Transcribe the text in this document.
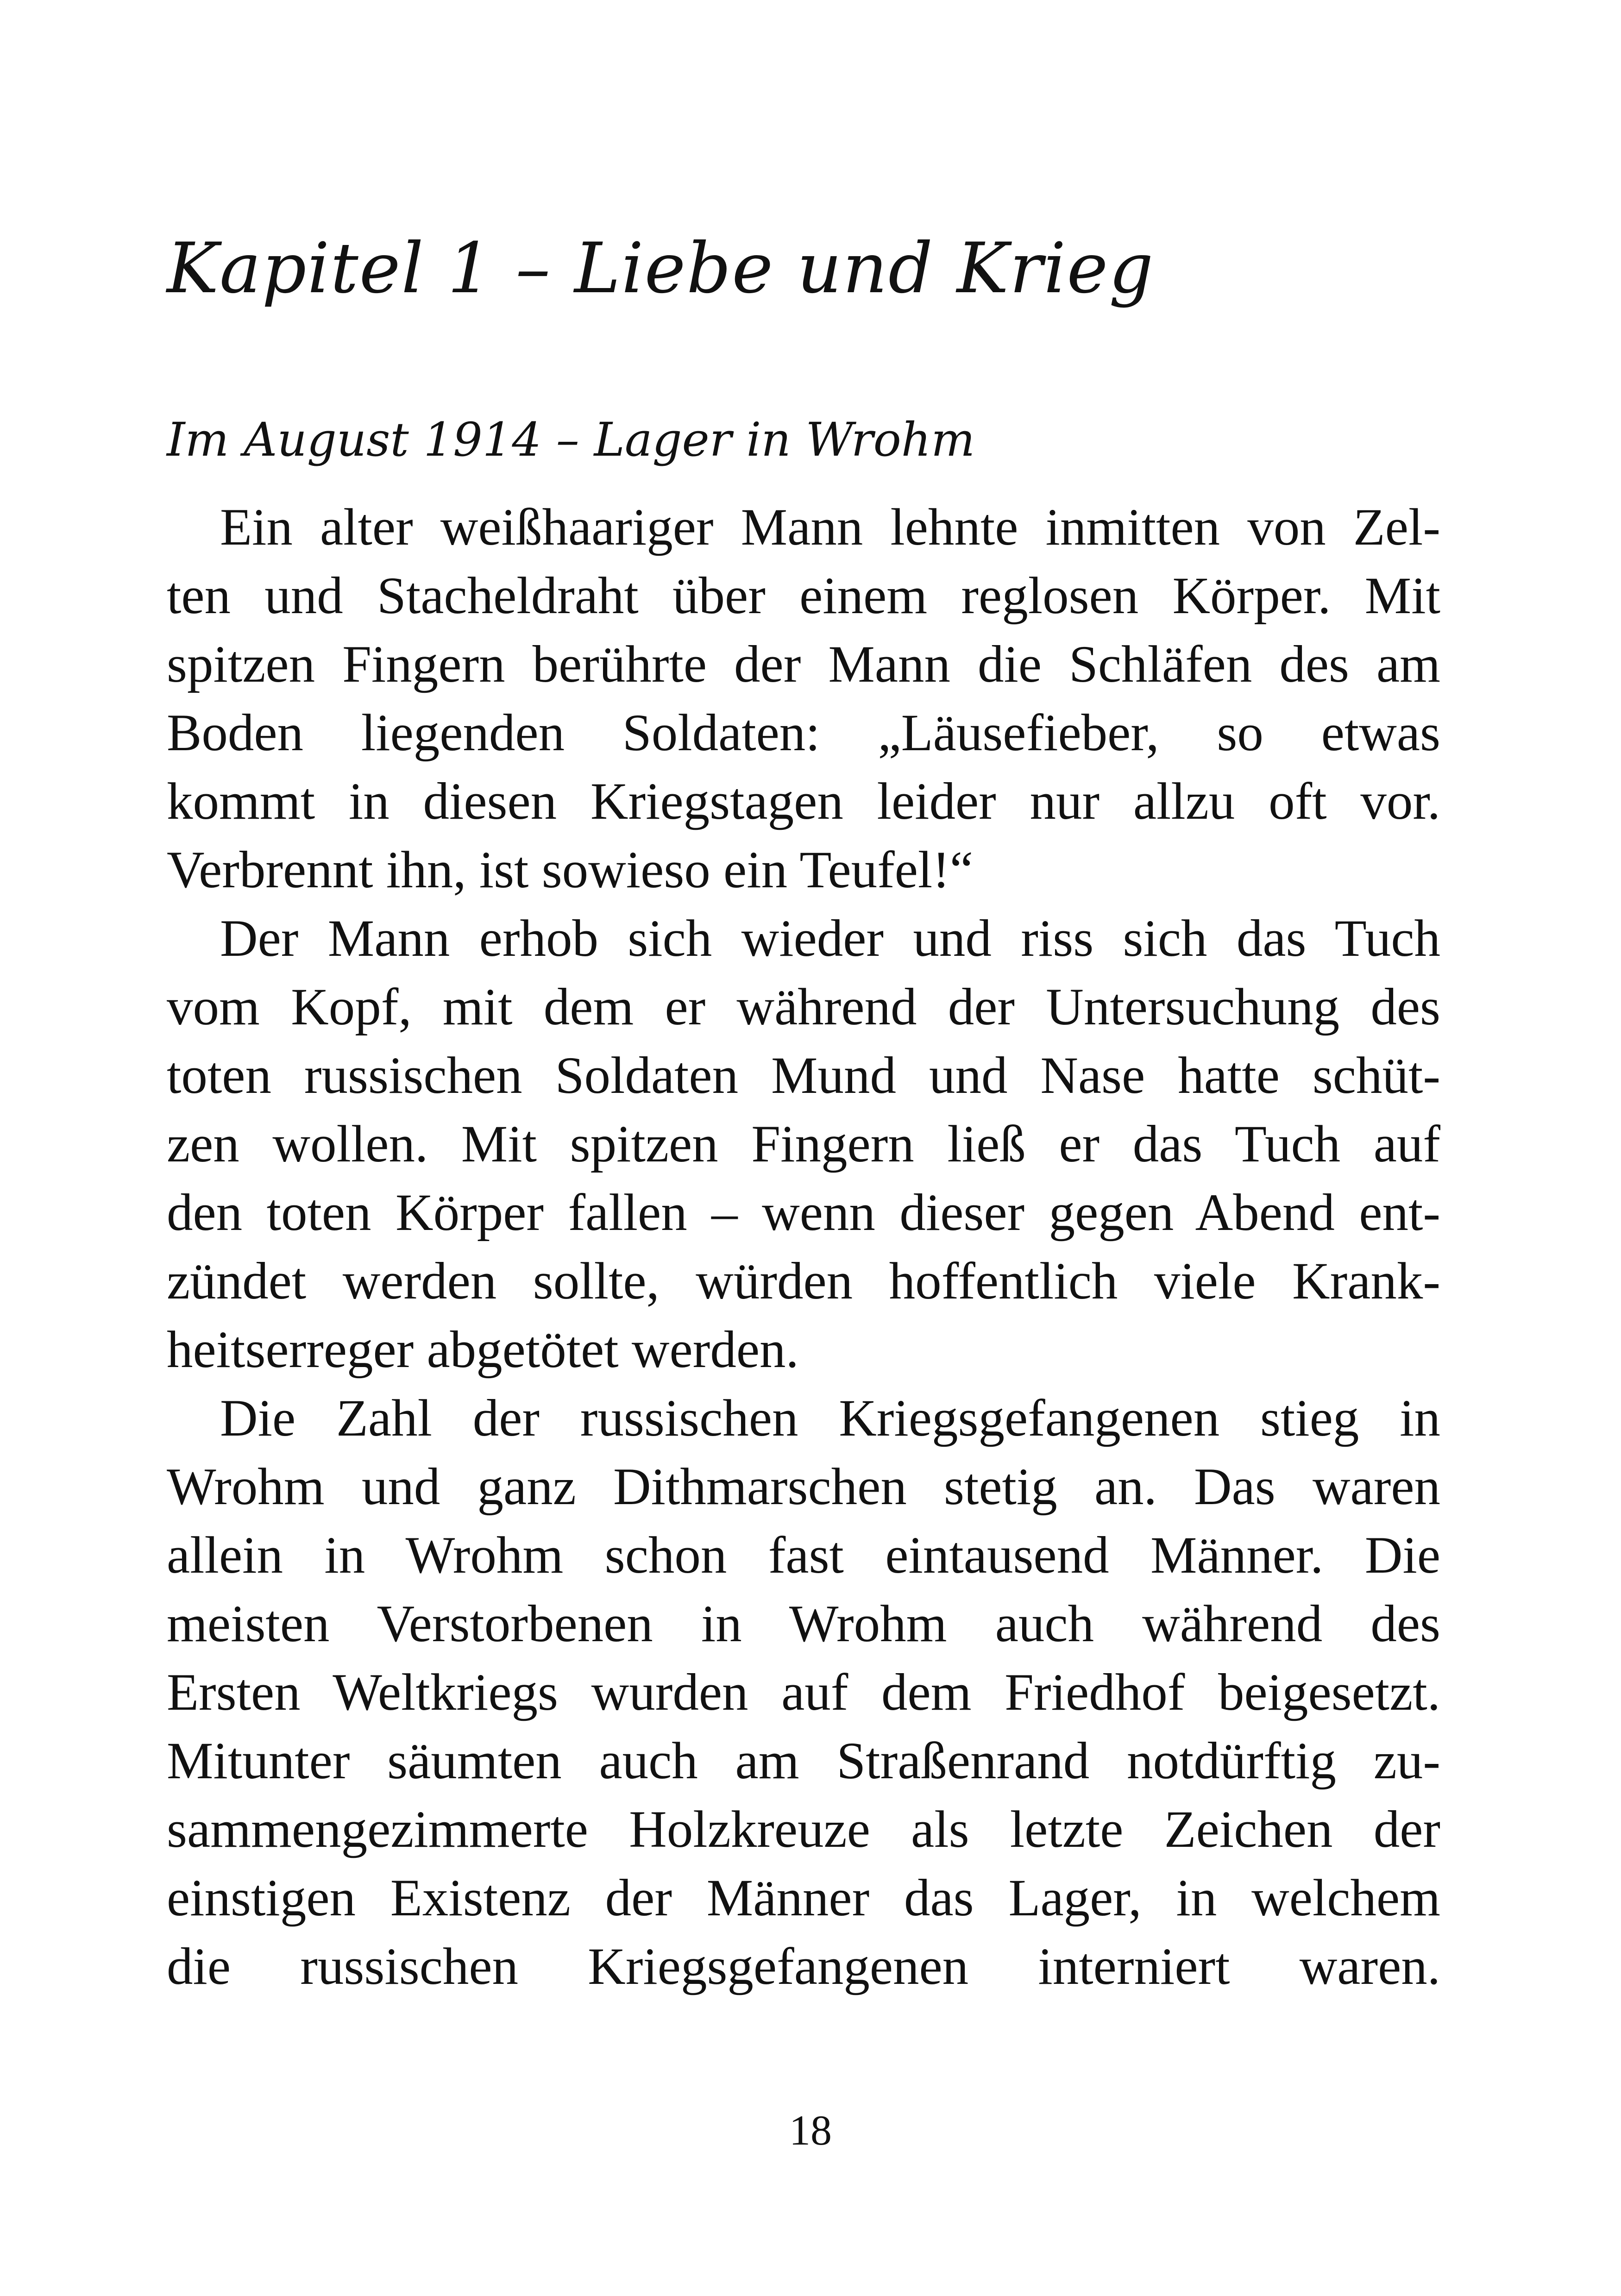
Kapitel 1 – Liebe und Krieg
Im August 1914 – Lager in Wrohm

Ein alter weißhaariger Mann lehnte inmitten von Zel-
ten und Stacheldraht über einem reglosen Körper. Mit
spitzen Fingern berührte der Mann die Schläfen des am
Boden liegenden Soldaten: „Läusefieber, so etwas
kommt in diesen Kriegstagen leider nur allzu oft vor.
Verbrennt ihn, ist sowieso ein Teufel!“

Der Mann erhob sich wieder und riss sich das Tuch
vom Kopf, mit dem er während der Untersuchung des
toten russischen Soldaten Mund und Nase hatte schüt-
zen wollen. Mit spitzen Fingern ließ er das Tuch auf
den toten Körper fallen – wenn dieser gegen Abend ent-
zündet werden sollte, würden hoffentlich viele Krank-
heitserreger abgetötet werden.

Die Zahl der russischen Kriegsgefangenen stieg in
Wrohm und ganz Dithmarschen stetig an. Das waren
allein in Wrohm schon fast eintausend Männer. Die
meisten Verstorbenen in Wrohm auch während des
Ersten Weltkriegs wurden auf dem Friedhof beigesetzt.
Mitunter säumten auch am Straßenrand notdürftig zu-
sammengezimmerte Holzkreuze als letzte Zeichen der
einstigen Existenz der Männer das Lager, in welchem
die russischen Kriegsgefangenen interniert waren.

18
